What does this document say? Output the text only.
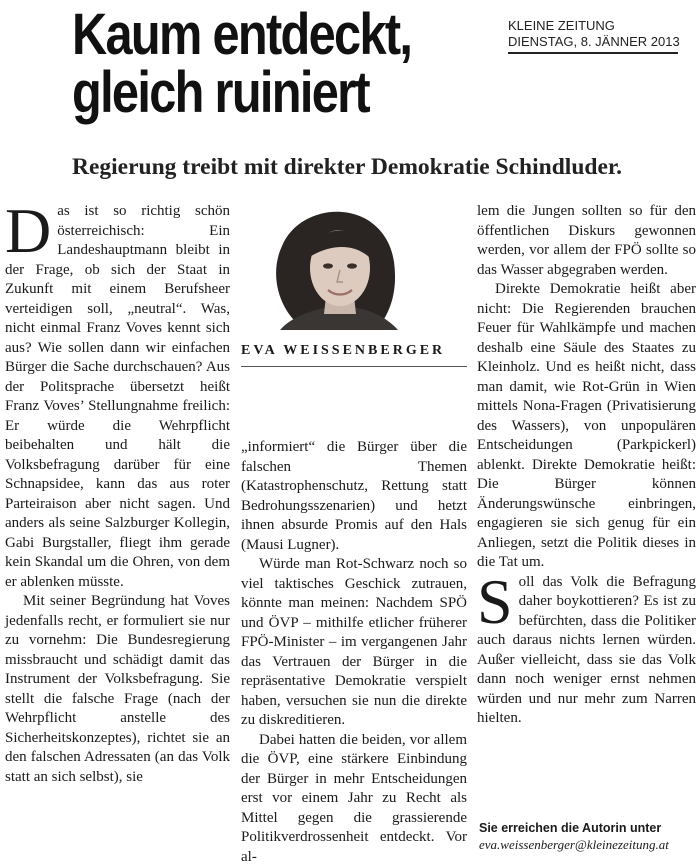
Kaum entdeckt,
gleich ruiniert
KLEINE ZEITUNG
DIENSTAG, 8. JÄNNER 2013
Regierung treibt mit direkter Demokratie Schindluder.

Das ist so richtig schön österreichisch: Ein Landeshauptmann bleibt in der Frage, ob sich der Staat in Zukunft mit einem Berufsheer verteidigen soll, „neutral“. Was, nicht einmal Franz Voves kennt sich aus? Wie sollen dann wir einfachen Bürger die Sache durchschauen? Aus der Politsprache übersetzt heißt Franz Voves’ Stellungnahme freilich: Er würde die Wehrpflicht beibehalten und hält die Volksbefragung darüber für eine Schnapsidee, kann das aus roter Parteiraison aber nicht sagen. Und anders als seine Salzburger Kollegin, Gabi Burgstaller, fliegt ihm gerade kein Skandal um die Ohren, von dem er ablenken müsste.

Mit seiner Begründung hat Voves jedenfalls recht, er formuliert sie nur zu vornehm: Die Bundesregierung missbraucht und schädigt damit das Instrument der Volksbefragung. Sie stellt die falsche Frage (nach der Wehrpflicht anstelle des Sicherheitskonzeptes), richtet sie an den falschen Adressaten (an das Volk statt an sich selbst), sie

EVA WEISSENBERGER

„informiert“ die Bürger über die falschen Themen (Katastrophenschutz, Rettung statt Bedrohungsszenarien) und hetzt ihnen absurde Promis auf den Hals (Mausi Lugner).

Würde man Rot-Schwarz noch so viel taktisches Geschick zutrauen, könnte man meinen: Nachdem SPÖ und ÖVP – mithilfe etlicher früherer FPÖ-Minister – im vergangenen Jahr das Vertrauen der Bürger in die repräsentative Demokratie verspielt haben, versuchen sie nun die direkte zu diskreditieren.

Dabei hatten die beiden, vor allem die ÖVP, eine stärkere Einbindung der Bürger in mehr Entscheidungen erst vor einem Jahr zu Recht als Mittel gegen die grassierende Politikverdrossenheit entdeckt. Vor al-

lem die Jungen sollten so für den öffentlichen Diskurs gewonnen werden, vor allem der FPÖ sollte so das Wasser abgegraben werden.

Direkte Demokratie heißt aber nicht: Die Regierenden brauchen Feuer für Wahlkämpfe und machen deshalb eine Säule des Staates zu Kleinholz. Und es heißt nicht, dass man damit, wie Rot-Grün in Wien mittels Nona-Fragen (Privatisierung des Wassers), von unpopulären Entscheidungen (Parkpickerl) ablenkt. Direkte Demokratie heißt: Die Bürger können Änderungswünsche einbringen, engagieren sie sich genug für ein Anliegen, setzt die Politik dieses in die Tat um.

Soll das Volk die Befragung daher boykottieren? Es ist zu befürchten, dass die Politiker auch daraus nichts lernen würden. Außer vielleicht, dass sie das Volk dann noch weniger ernst nehmen würden und nur mehr zum Narren hielten.

Sie erreichen die Autorin unter
eva.weissenberger@kleinezeitung.at
